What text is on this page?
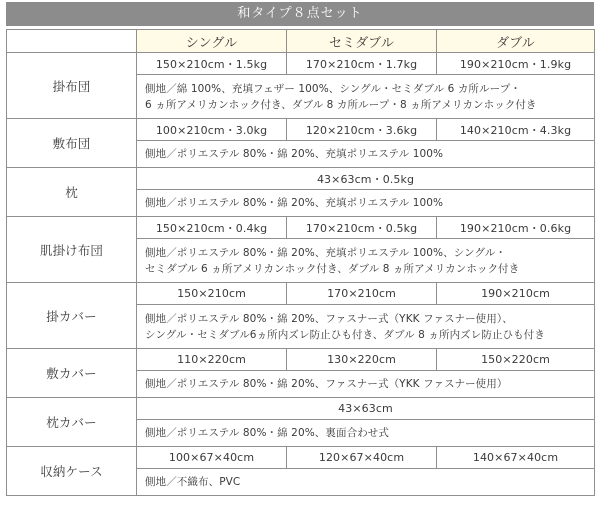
和タイプ８点セット
	シングル	セミダブル	ダブル
掛布団	150×210cm・1.5kg	170×210cm・1.7kg	190×210cm・1.9kg

	側地／綿 100%、充填フェザー 100%、シングル・セミダブル 6 カ所ループ・
6 ヵ所アメリカンホック付き、ダブル 8 カ所ループ・8 ヵ所アメリカンホック付き		

敷布団	100×210cm・3.0kg	120×210cm・3.6kg	140×210cm・4.3kg

	側地／ポリエステル 80%・綿 20%、充填ポリエステル 100%		

枕	43×63cm・0.5kg		

	側地／ポリエステル 80%・綿 20%、充填ポリエステル 100%		

肌掛け布団	150×210cm・0.4kg	170×210cm・0.5kg	190×210cm・0.6kg

	側地／ポリエステル 80%・綿 20%、充填ポリエステル 100%、シングル・
セミダブル 6 ヵ所アメリカンホック付き、ダブル 8 ヵ所アメリカンホック付き		

掛カバー	150×210cm	170×210cm	190×210cm

	側地／ポリエステル 80%・綿 20%、ファスナー式（YKK ファスナー使用）、
シングル・セミダブル6ヵ所内ズレ防止ひも付き、ダブル 8 ヵ所内ズレ防止ひも付き		

敷カバー	110×220cm	130×220cm	150×220cm

	側地／ポリエステル 80%・綿 20%、ファスナー式（YKK ファスナー使用）		

枕カバー	43×63cm		

	側地／ポリエステル 80%・綿 20%、裏面合わせ式		

収納ケース	100×67×40cm	120×67×40cm	140×67×40cm

	側地／不織布、PVC		
